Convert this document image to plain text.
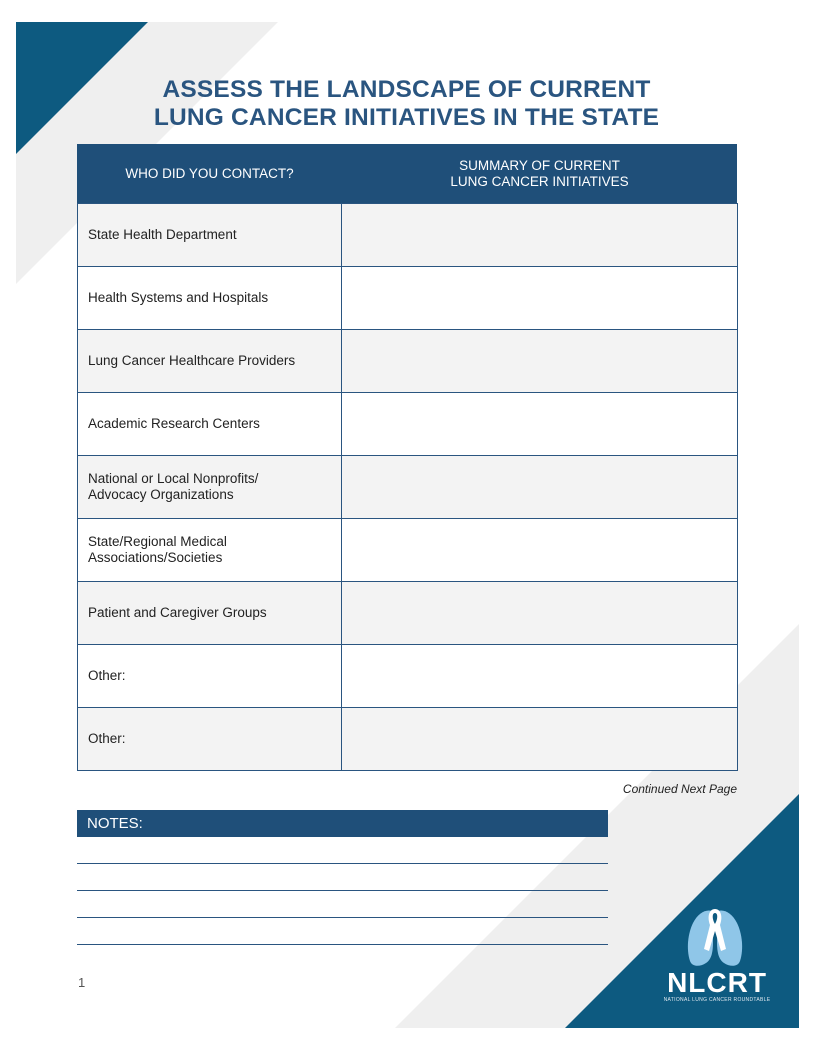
ASSESS THE LANDSCAPE OF CURRENT
LUNG CANCER INITIATIVES IN THE STATE
WHO DID YOU CONTACT?	SUMMARY OF CURRENT
LUNG CANCER INITIATIVES

State Health Department	

Health Systems and Hospitals	

Lung Cancer Healthcare Providers	

Academic Research Centers	

National or Local Nonprofits/
Advocacy Organizations	

State/Regional Medical
Associations/Societies	

Patient and Caregiver Groups	

Other:	

Other:	

Continued Next Page
NOTES:
1	NLCRT
NATIONAL LUNG CANCER ROUNDTABLE
